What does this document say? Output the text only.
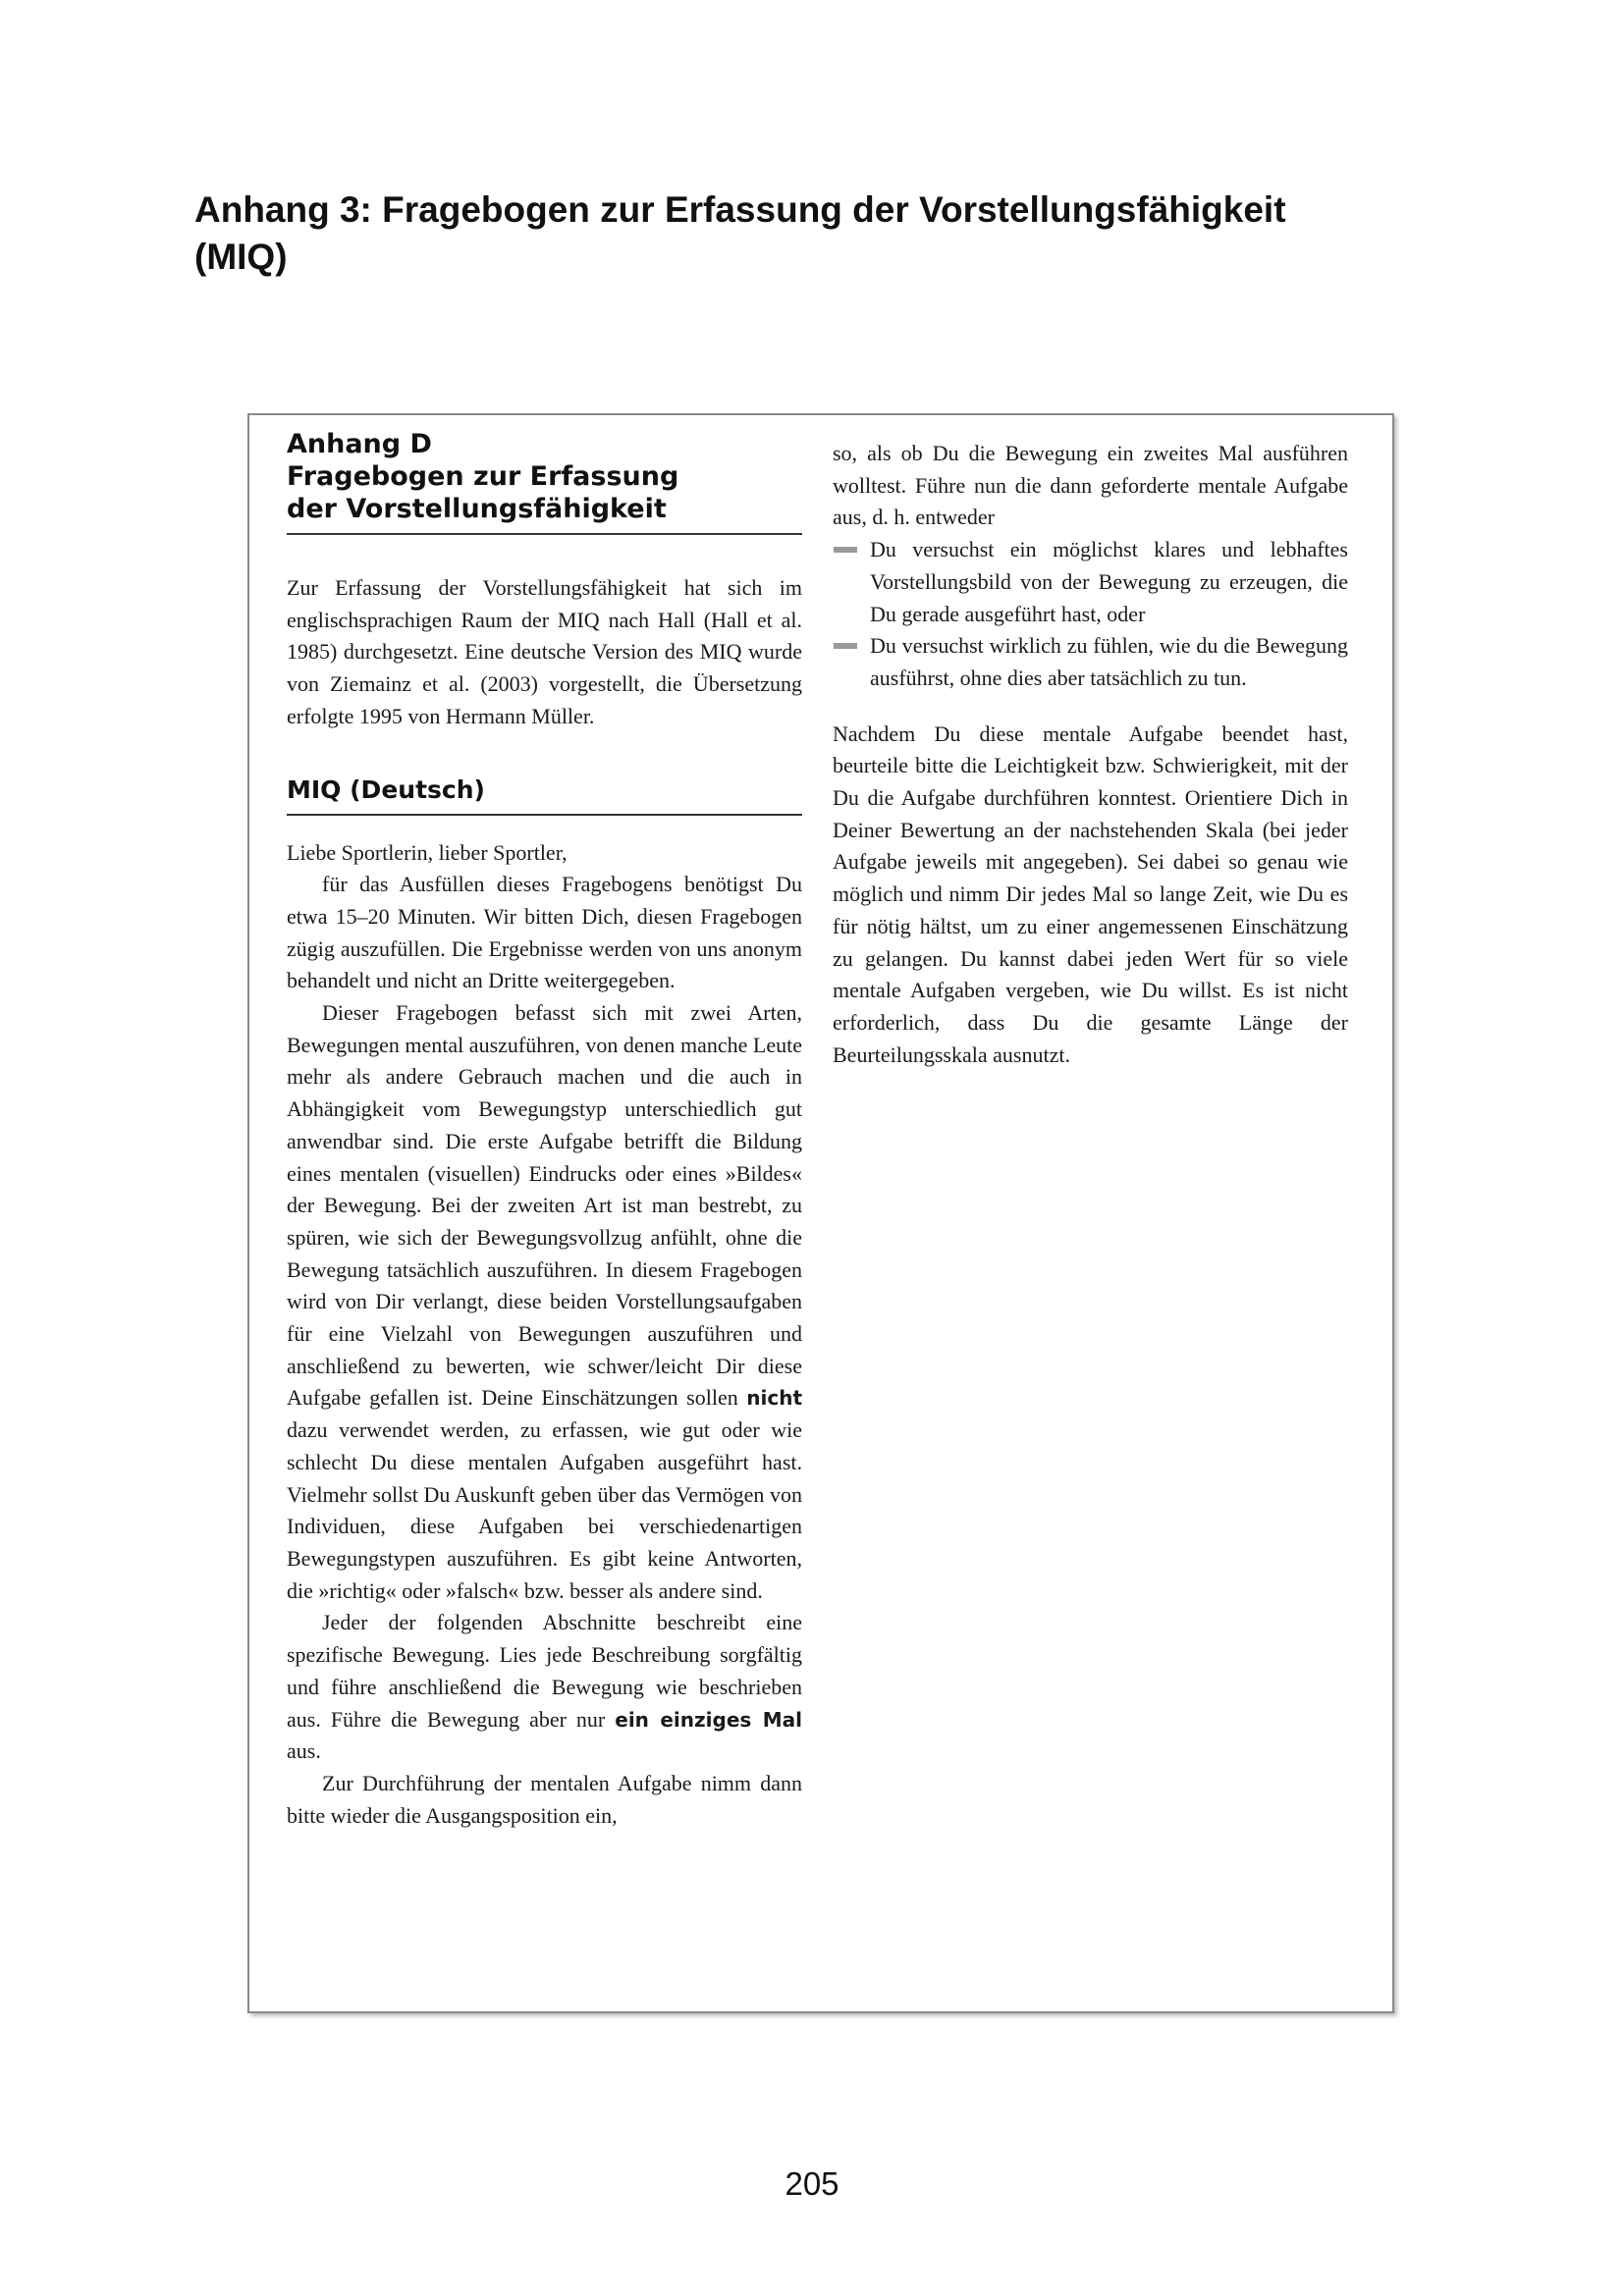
Anhang 3: Fragebogen zur Erfassung der Vorstellungsfähigkeit
(MIQ)
Anhang D
Fragebogen zur Erfassung
der Vorstellungsfähigkeit

Zur Erfassung der Vorstellungsfähigkeit hat sich im englischsprachigen Raum der MIQ nach Hall (Hall et al. 1985) durchgesetzt. Eine deutsche Version des MIQ wurde von Ziemainz et al. (2003) vorgestellt, die Übersetzung erfolgte 1995 von Hermann Müller.

MIQ (Deutsch)

Liebe Sportlerin, lieber Sportler,

für das Ausfüllen dieses Fragebogens benötigst Du etwa 15–20 Minuten. Wir bitten Dich, diesen Fragebogen zügig auszufüllen. Die Ergebnisse werden von uns anonym behandelt und nicht an Dritte weitergegeben.

Dieser Fragebogen befasst sich mit zwei Arten, Bewegungen mental auszuführen, von denen manche Leute mehr als andere Gebrauch machen und die auch in Abhängigkeit vom Bewegungstyp unterschiedlich gut anwendbar sind. Die erste Aufgabe betrifft die Bildung eines mentalen (visuellen) Eindrucks oder eines »Bildes« der Bewegung. Bei der zweiten Art ist man bestrebt, zu spüren, wie sich der Bewegungsvollzug anfühlt, ohne die Bewegung tatsächlich auszuführen. In diesem Fragebogen wird von Dir verlangt, diese beiden Vorstellungsaufgaben für eine Vielzahl von Bewegungen auszuführen und anschließend zu bewerten, wie schwer/leicht Dir diese Aufgabe gefallen ist. Deine Einschätzungen sollen nicht dazu verwendet werden, zu erfassen, wie gut oder wie schlecht Du diese mentalen Aufgaben ausgeführt hast. Vielmehr sollst Du Auskunft geben über das Vermögen von Individuen, diese Aufgaben bei verschiedenartigen Bewegungstypen auszuführen. Es gibt keine Antworten, die »richtig« oder »falsch« bzw. besser als andere sind.

Jeder der folgenden Abschnitte beschreibt eine spezifische Bewegung. Lies jede Beschreibung sorgfältig und führe anschließend die Bewegung wie beschrieben aus. Führe die Bewegung aber nur ein einziges Mal aus.

Zur Durchführung der mentalen Aufgabe nimm dann bitte wieder die Ausgangsposition ein,

so, als ob Du die Bewegung ein zweites Mal ausführen wolltest. Führe nun die dann geforderte mentale Aufgabe aus, d. h. entweder

Du versuchst ein möglichst klares und lebhaftes Vorstellungsbild von der Bewegung zu erzeugen, die Du gerade ausgeführt hast, oder

Du versuchst wirklich zu fühlen, wie du die Bewegung ausführst, ohne dies aber tatsächlich zu tun.

Nachdem Du diese mentale Aufgabe beendet hast, beurteile bitte die Leichtigkeit bzw. Schwierigkeit, mit der Du die Aufgabe durchführen konntest. Orientiere Dich in Deiner Bewertung an der nachstehenden Skala (bei jeder Aufgabe jeweils mit angegeben). Sei dabei so genau wie möglich und nimm Dir jedes Mal so lange Zeit, wie Du es für nötig hältst, um zu einer angemessenen Einschätzung zu gelangen. Du kannst dabei jeden Wert für so viele mentale Aufgaben vergeben, wie Du willst. Es ist nicht erforderlich, dass Du die gesamte Länge der Beurteilungsskala ausnutzt.

205
